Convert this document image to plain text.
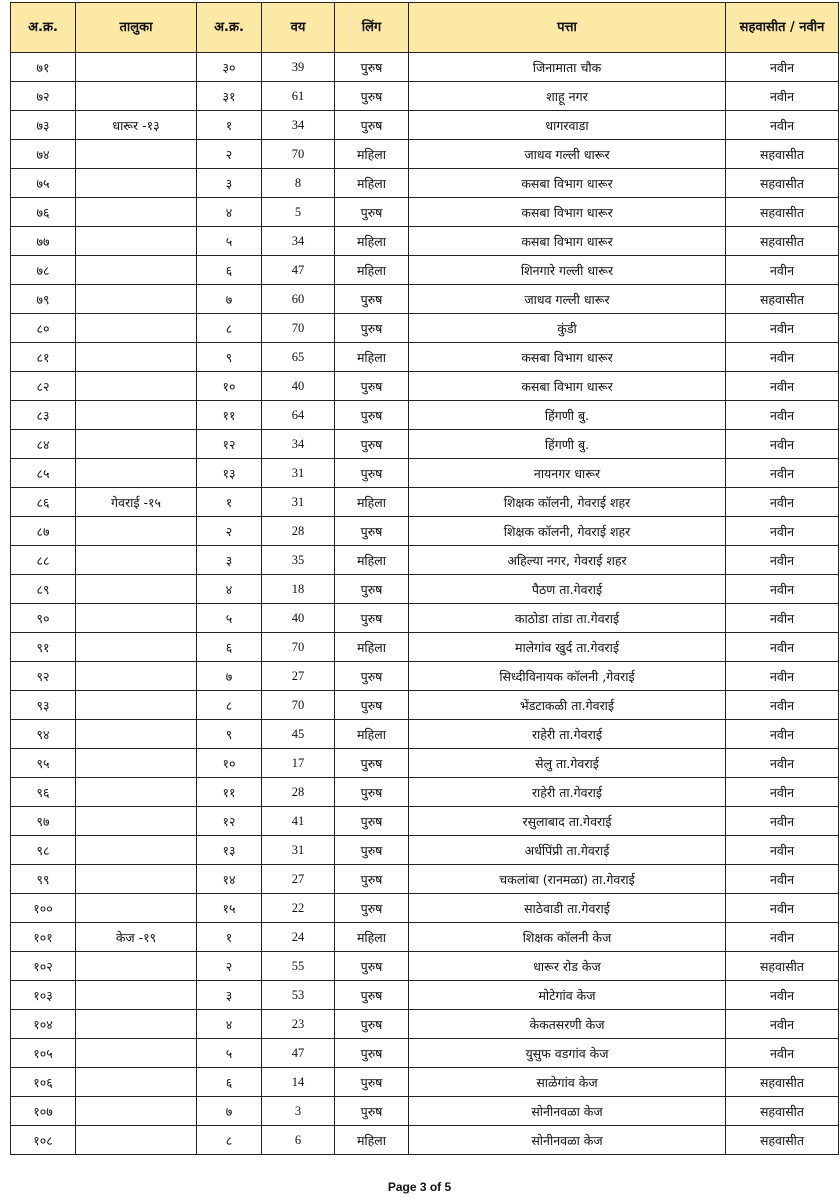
अ.क्र.	तालुका	अ.क्र.	वय	लिंग	पत्ता	सहवासीत / नवीन
७१		३०	39	पुरुष	जिनामाता चौक	नवीन
७२		३१	61	पुरुष	शाहू नगर	नवीन
७३	धारूर -१३	१	34	पुरुष	धागरवाडा	नवीन
७४		२	70	महिला	जाधव गल्ली धारूर	सहवासीत
७५		३	8	महिला	कसबा विभाग धारूर	सहवासीत
७६		४	5	पुरुष	कसबा विभाग धारूर	सहवासीत
७७		५	34	महिला	कसबा विभाग धारूर	सहवासीत
७८		६	47	महिला	शिनगारे गल्ली धारूर	नवीन
७९		७	60	पुरुष	जाधव गल्ली धारूर	सहवासीत
८०		८	70	पुरुष	कुंडी	नवीन
८१		९	65	महिला	कसबा विभाग धारूर	नवीन
८२		१०	40	पुरुष	कसबा विभाग धारूर	नवीन
८३		११	64	पुरुष	हिंगणी बु.	नवीन
८४		१२	34	पुरुष	हिंगणी बु.	नवीन
८५		१३	31	पुरुष	नायनगर धारूर	नवीन
८६	गेवराई -१५	१	31	महिला	शिक्षक कॉलनी, गेवराई शहर	नवीन
८७		२	28	पुरुष	शिक्षक कॉलनी, गेवराई शहर	नवीन
८८		३	35	महिला	अहिल्या नगर, गेवराई शहर	नवीन
८९		४	18	पुरुष	पैठण ता.गेवराई	नवीन
९०		५	40	पुरुष	काठोडा तांडा ता.गेवराई	नवीन
९१		६	70	महिला	मालेगांव खुर्द ता.गेवराई	नवीन
९२		७	27	पुरुष	सिध्दीविनायक कॉलनी ,गेवराई	नवीन
९३		८	70	पुरुष	भेंडटाकळी ता.गेवराई	नवीन
९४		९	45	महिला	राहेरी ता.गेवराई	नवीन
९५		१०	17	पुरुष	सेलु ता.गेवराई	नवीन
९६		११	28	पुरुष	राहेरी ता.गेवराई	नवीन
९७		१२	41	पुरुष	रसुलाबाद ता.गेवराई	नवीन
९८		१३	31	पुरुष	अर्धपिंप्री ता.गेवराई	नवीन
९९		१४	27	पुरुष	चकलांबा (रानमळा) ता.गेवराई	नवीन
१००		१५	22	पुरुष	साठेवाडी ता.गेवराई	नवीन
१०१	केज -१९	१	24	महिला	शिक्षक कॉलनी केज	नवीन
१०२		२	55	पुरुष	धारूर रोड केज	सहवासीत
१०३		३	53	पुरुष	मोटेगांव केज	नवीन
१०४		४	23	पुरुष	केकतसरणी केज	नवीन
१०५		५	47	पुरुष	युसुफ वडगांव केज	नवीन
१०६		६	14	पुरुष	साळेगांव केज	सहवासीत
१०७		७	3	पुरुष	सोनीनवळा केज	सहवासीत
१०८		८	6	महिला	सोनीनवळा केज	सहवासीत
Page 3 of 5
